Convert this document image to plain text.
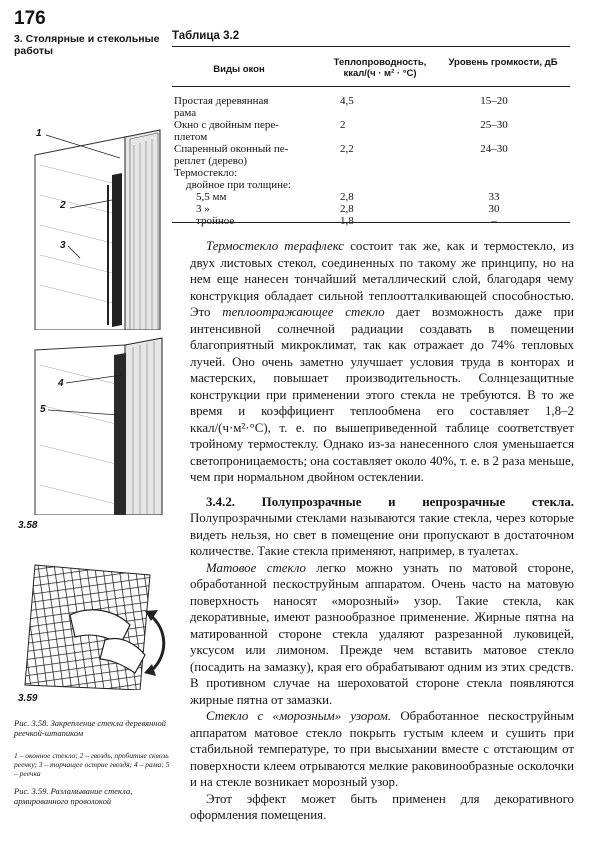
176
3. Столярные и стекольные работы
Таблица 3.2
Виды окон
Теплопроводность, ккал/(ч · м² · °С)
Уровень громкости, дБ
Простая деревянная
рама
4,5	15–20
Окно с двойным пере-
плетом
2	25–30
Спаренный оконный пе-
реплет (дерево)
2,2	24–30
Термостекло:
двойное при толщине:
5,5 мм	2,8	33
3 »	2,8	30
тройное	1,8	–
1
2
3
4
5
3.58
3.59
Рис. 3.58. Закрепление стекла деревянной реечкой-штапиком
1 – оконное стекло; 2 – гвоздь, пробитые сквозь реечку; 3 – торчащее острие гвоздя; 4 – рама; 5 – реечка
Рис. 3.59. Разламывание стекла, армированного проволокой

Термостекло терафлекс состоит так же, как и термостекло, из двух листовых стекол, соединенных по такому же принципу, но на нем еще нанесен тончайший металлический слой, благодаря чему конструкция обладает сильной теплоотталкивающей способностью. Это теплоотражающее стекло дает возможность даже при интенсивной солнечной радиации создавать в помещении благоприятный микроклимат, так как отражает до 74% тепловых лучей. Оно очень заметно улучшает условия труда в конторах и мастерских, повышает производительность. Солнцезащитные конструкции при применении этого стекла не требуются. В то же время и коэффициент теплообмена его составляет 1,8–2 ккал/(ч·м²·°С), т. е. по вышеприведенной таблице соответствует тройному термостеклу. Однако из-за нанесенного слоя уменьшается светопроницаемость; она составляет около 40%, т. е. в 2 раза меньше, чем при нормальном двойном остеклении.

3.4.2. Полупрозрачные и непрозрачные стекла. Полупрозрачными стеклами называются такие стекла, через которые видеть нельзя, но свет в помещение они пропускают в достаточном количестве. Такие стекла применяют, например, в туалетах.

Матовое стекло легко можно узнать по матовой стороне, обработанной пескоструйным аппаратом. Очень часто на матовую поверхность наносят «морозный» узор. Такие стекла, как декоративные, имеют разнообразное применение. Жирные пятна на матированной стороне стекла удаляют разрезанной луковицей, уксусом или лимоном. Прежде чем вставить матовое стекло (посадить на замазку), края его обрабатывают одним из этих средств. В противном случае на шероховатой стороне стекла появляются жирные пятна от замазки.

Стекло с «морозным» узором. Обработанное пескоструйным аппаратом матовое стекло покрыть густым клеем и сушить при стабильной температуре, то при высыхании вместе с отстающим от поверхности клеем отрываются мелкие раковинообразные осколочки и на стекле возникает морозный узор.

Этот эффект может быть применен для декоративного оформления помещения.
